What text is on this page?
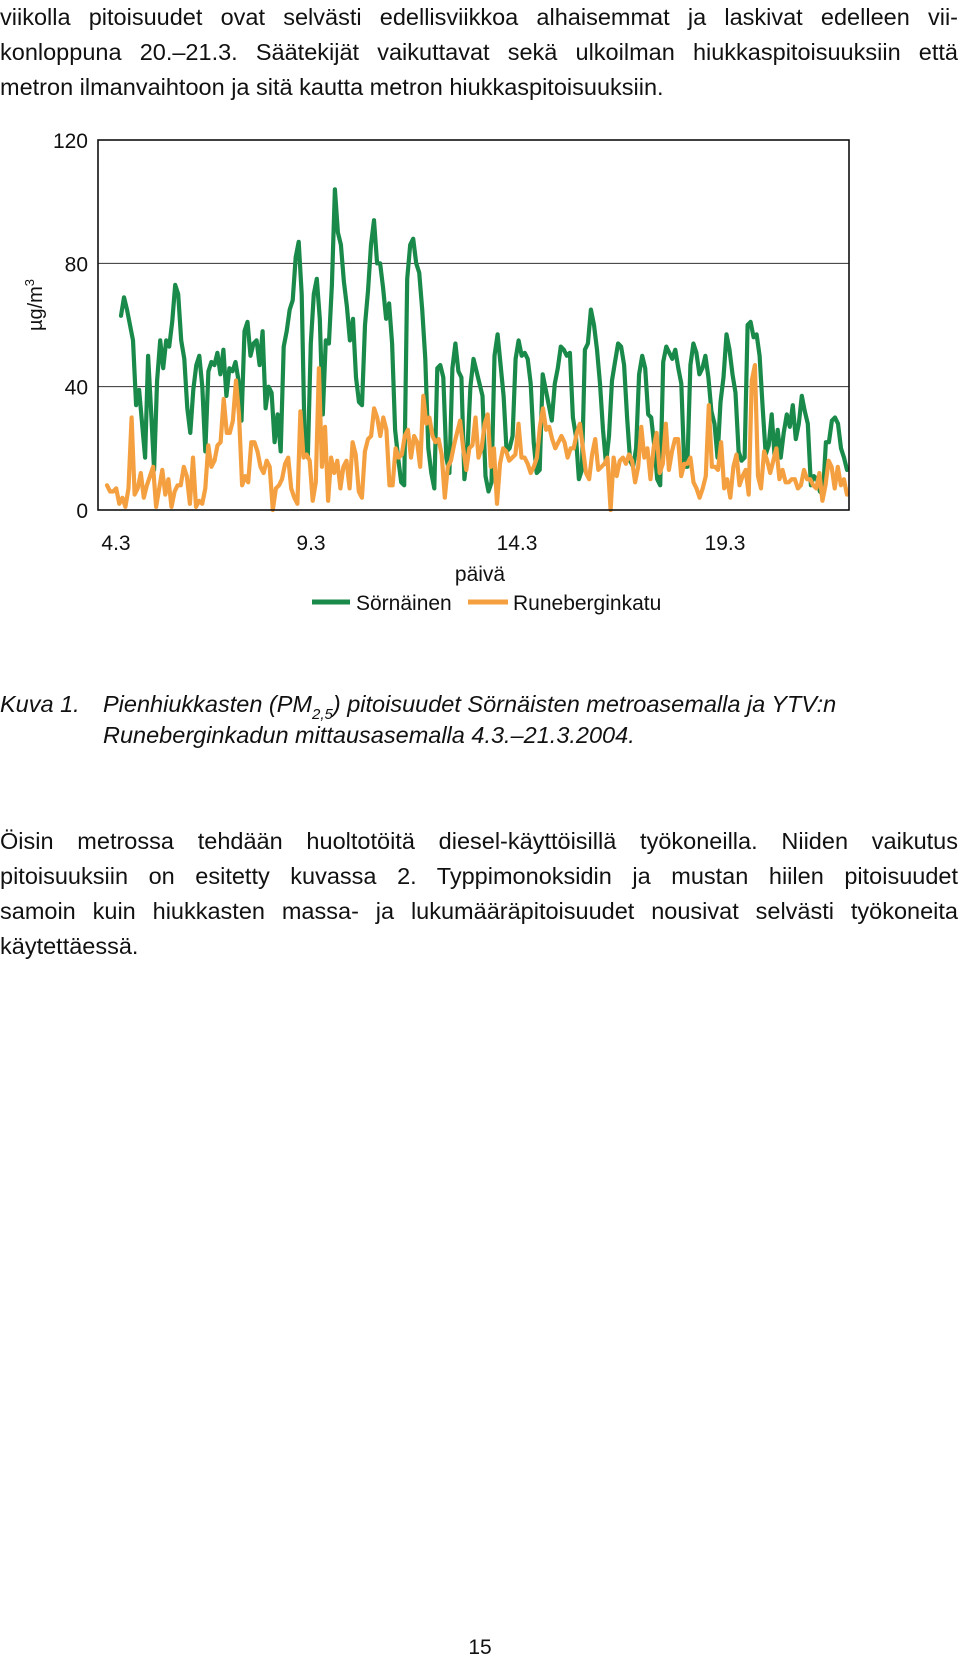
viikolla pitoisuudet ovat selvästi edellisviikkoa alhaisemmat ja laskivat edelleen vii-
konloppuna 20.–21.3. Säätekijät vaikuttavat sekä ulkoilman hiukkaspitoisuuksiin että
metron ilmanvaihtoon ja sitä kautta metron hiukkaspitoisuuksiin.
0
40
80
120
4.3	9.3	14.3	19.3
$\mu g/m^3$
päivä
Sörnäinen	Runeberginkatu
Kuva 1. Pienhiukkasten $(PM_{2,5})$ pitoisuudet Sörnäisten metroasemalla ja YTV:n
Runeberginkadun mittausasemalla 4.3.–21.3.2004.
Öisin metrossa tehdään huoltotöitä diesel-käyttöisillä työkoneilla. Niiden vaikutus
pitoisuuksiin on esitetty kuvassa 2. Typpimonoksidin ja mustan hiilen pitoisuudet
samoin kuin hiukkasten massa- ja lukumääräpitoisuudet nousivat selvästi työkoneita
käytettäessä.
15
